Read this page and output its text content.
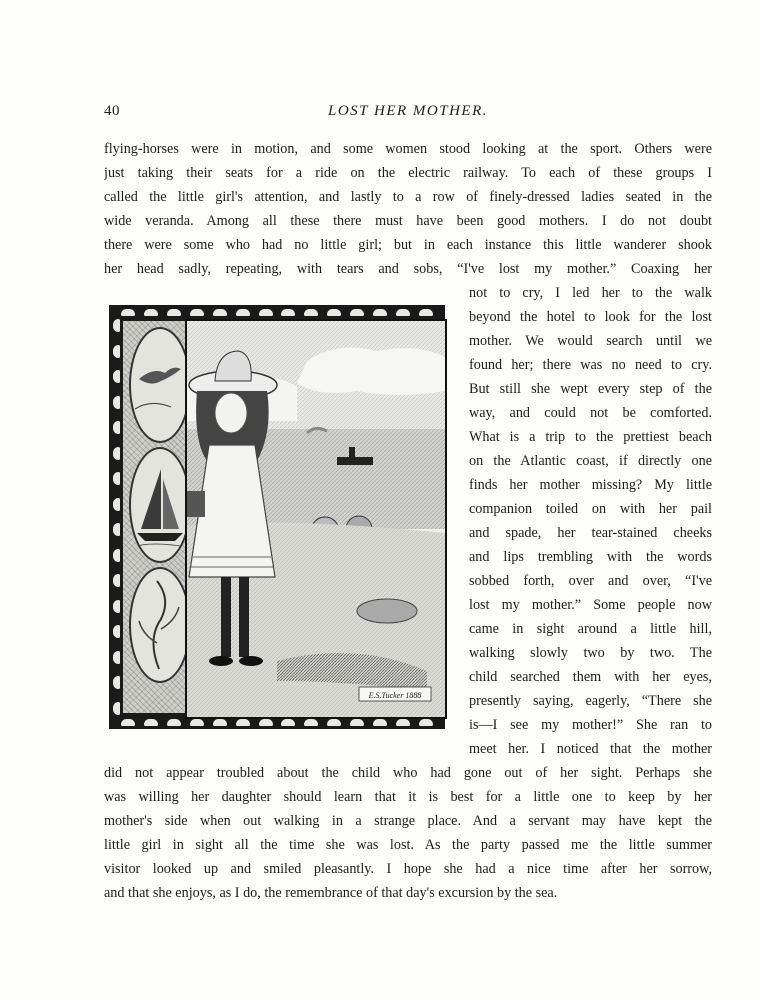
40	LOST HER MOTHER.
flying-horses were in motion, and some women stood looking at the sport. Others were
just taking their seats for a ride on the electric railway. To each of these groups I
called the little girl's attention, and lastly to a row of finely-dressed ladies seated in the
wide veranda. Among all these there must have been good mothers. I do not doubt
there were some who had no little girl; but in each instance this little wanderer shook
her head sadly, repeating, with tears and sobs, “I've lost my mother.” Coaxing her
not to cry, I led her to the walk
beyond the hotel to look for the lost
mother. We would search until we
found her; there was no need to cry.
But still she wept every step of the
way, and could not be comforted.
What is a trip to the prettiest beach
on the Atlantic coast, if directly one
finds her mother missing? My little
companion toiled on with her pail
and spade, her tear-stained cheeks
and lips trembling with the words
sobbed forth, over and over, “I've
lost my mother.” Some people now
came in sight around a little hill,
walking slowly two by two. The
child searched them with her eyes,
presently saying, eagerly, “There she
is—I see my mother!” She ran to
meet her. I noticed that the mother
did not appear troubled about the child who had gone out of her sight. Perhaps she
was willing her daughter should learn that it is best for a little one to keep by her
mother's side when out walking in a strange place. And a servant may have kept the
little girl in sight all the time she was lost. As the party passed me the little summer
visitor looked up and smiled pleasantly. I hope she had a nice time after her sorrow,
and that she enjoys, as I do, the remembrance of that day's excursion by the sea.
E.S.Tucker 1888
